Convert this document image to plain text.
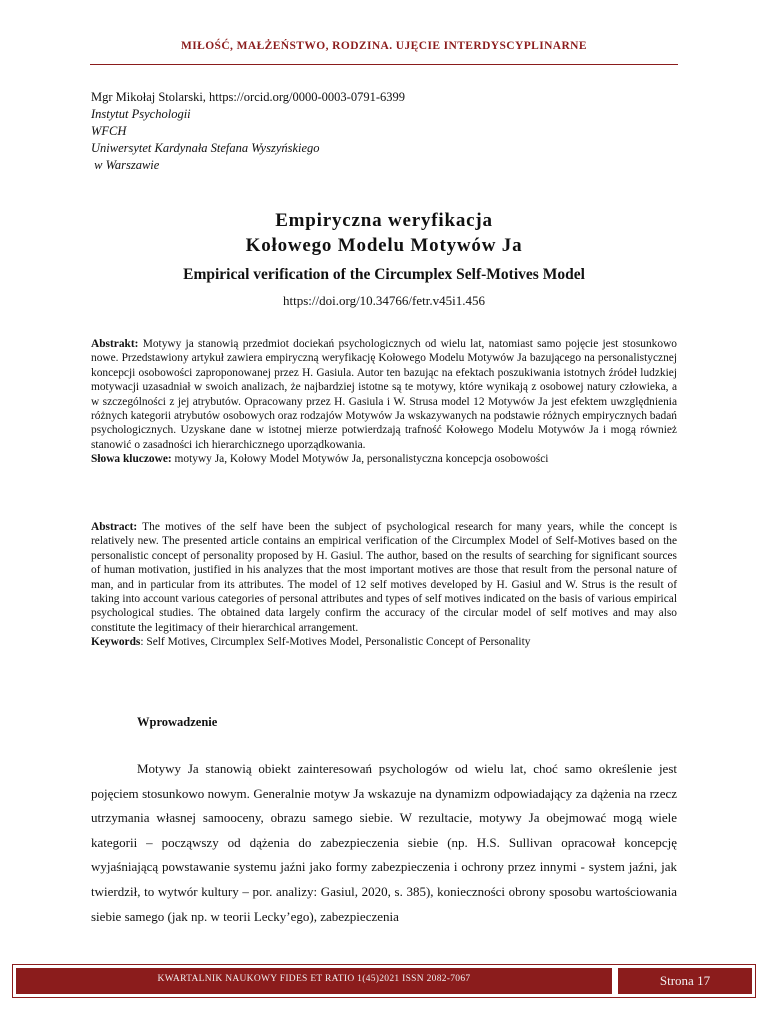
MIŁOŚĆ, MAŁŻEŃSTWO, RODZINA. UJĘCIE INTERDYSCYPLINARNE
Mgr Mikołaj Stolarski, https://orcid.org/0000-0003-0791-6399
Instytut Psychologii
WFCH
Uniwersytet Kardynała Stefana Wyszyńskiego
w Warszawie
Empiryczna weryfikacja
Kołowego Modelu Motywów Ja
Empirical verification of the Circumplex Self-Motives Model
https://doi.org/10.34766/fetr.v45i1.456
Abstrakt: Motywy ja stanowią przedmiot dociekań psychologicznych od wielu lat, natomiast samo pojęcie jest stosunkowo nowe. Przedstawiony artykuł zawiera empiryczną weryfikację Kołowego Modelu Motywów Ja bazującego na personalistycznej koncepcji osobowości zaproponowanej przez H. Gasiula. Autor ten bazując na efektach poszukiwania istotnych źródeł ludzkiej motywacji uzasadniał w swoich analizach, że najbardziej istotne są te motywy, które wynikają z osobowej natury człowieka, a w szczególności z jej atrybutów. Opracowany przez H. Gasiula i W. Strusa model 12 Motywów Ja jest efektem uwzględnienia różnych kategorii atrybutów osobowych oraz rodzajów Motywów Ja wskazywanych na podstawie różnych empirycznych badań psychologicznych. Uzyskane dane w istotnej mierze potwierdzają trafność Kołowego Modelu Motywów Ja i mogą również stanowić o zasadności ich hierarchicznego uporządkowania.
Słowa kluczowe: motywy Ja, Kołowy Model Motywów Ja, personalistyczna koncepcja osobowości
Abstract: The motives of the self have been the subject of psychological research for many years, while the concept is relatively new. The presented article contains an empirical verification of the Circumplex Model of Self-Motives based on the personalistic concept of personality proposed by H. Gasiul. The author, based on the results of searching for significant sources of human motivation, justified in his analyzes that the most important motives are those that result from the personal nature of man, and in particular from its attributes. The model of 12 self motives developed by H. Gasiul and W. Strus is the result of taking into account various categories of personal attributes and types of self motives indicated on the basis of various empirical psychological studies. The obtained data largely confirm the accuracy of the circular model of self motives and may also constitute the legitimacy of their hierarchical arrangement.
Keywords: Self Motives, Circumplex Self-Motives Model, Personalistic Concept of Personality
Wprowadzenie
Motywy Ja stanowią obiekt zainteresowań psychologów od wielu lat, choć samo określenie jest pojęciem stosunkowo nowym. Generalnie motyw Ja wskazuje na dynamizm odpowiadający za dążenia na rzecz utrzymania własnej samooceny, obrazu samego siebie. W rezultacie, motywy Ja obejmować mogą wiele kategorii – począwszy od dążenia do zabezpieczenia siebie (np. H.S. Sullivan opracował koncepcję wyjaśniającą powstawanie systemu jaźni jako formy zabezpieczenia i ochrony przez innymi - system jaźni, jak twierdził, to wytwór kultury – por. analizy: Gasiul, 2020, s. 385), konieczności obrony sposobu wartościowania siebie samego (jak np. w teorii Lecky’ego), zabezpieczenia
KWARTALNIK NAUKOWY FIDES ET RATIO 1(45)2021 ISSN 2082-7067	Strona 17
